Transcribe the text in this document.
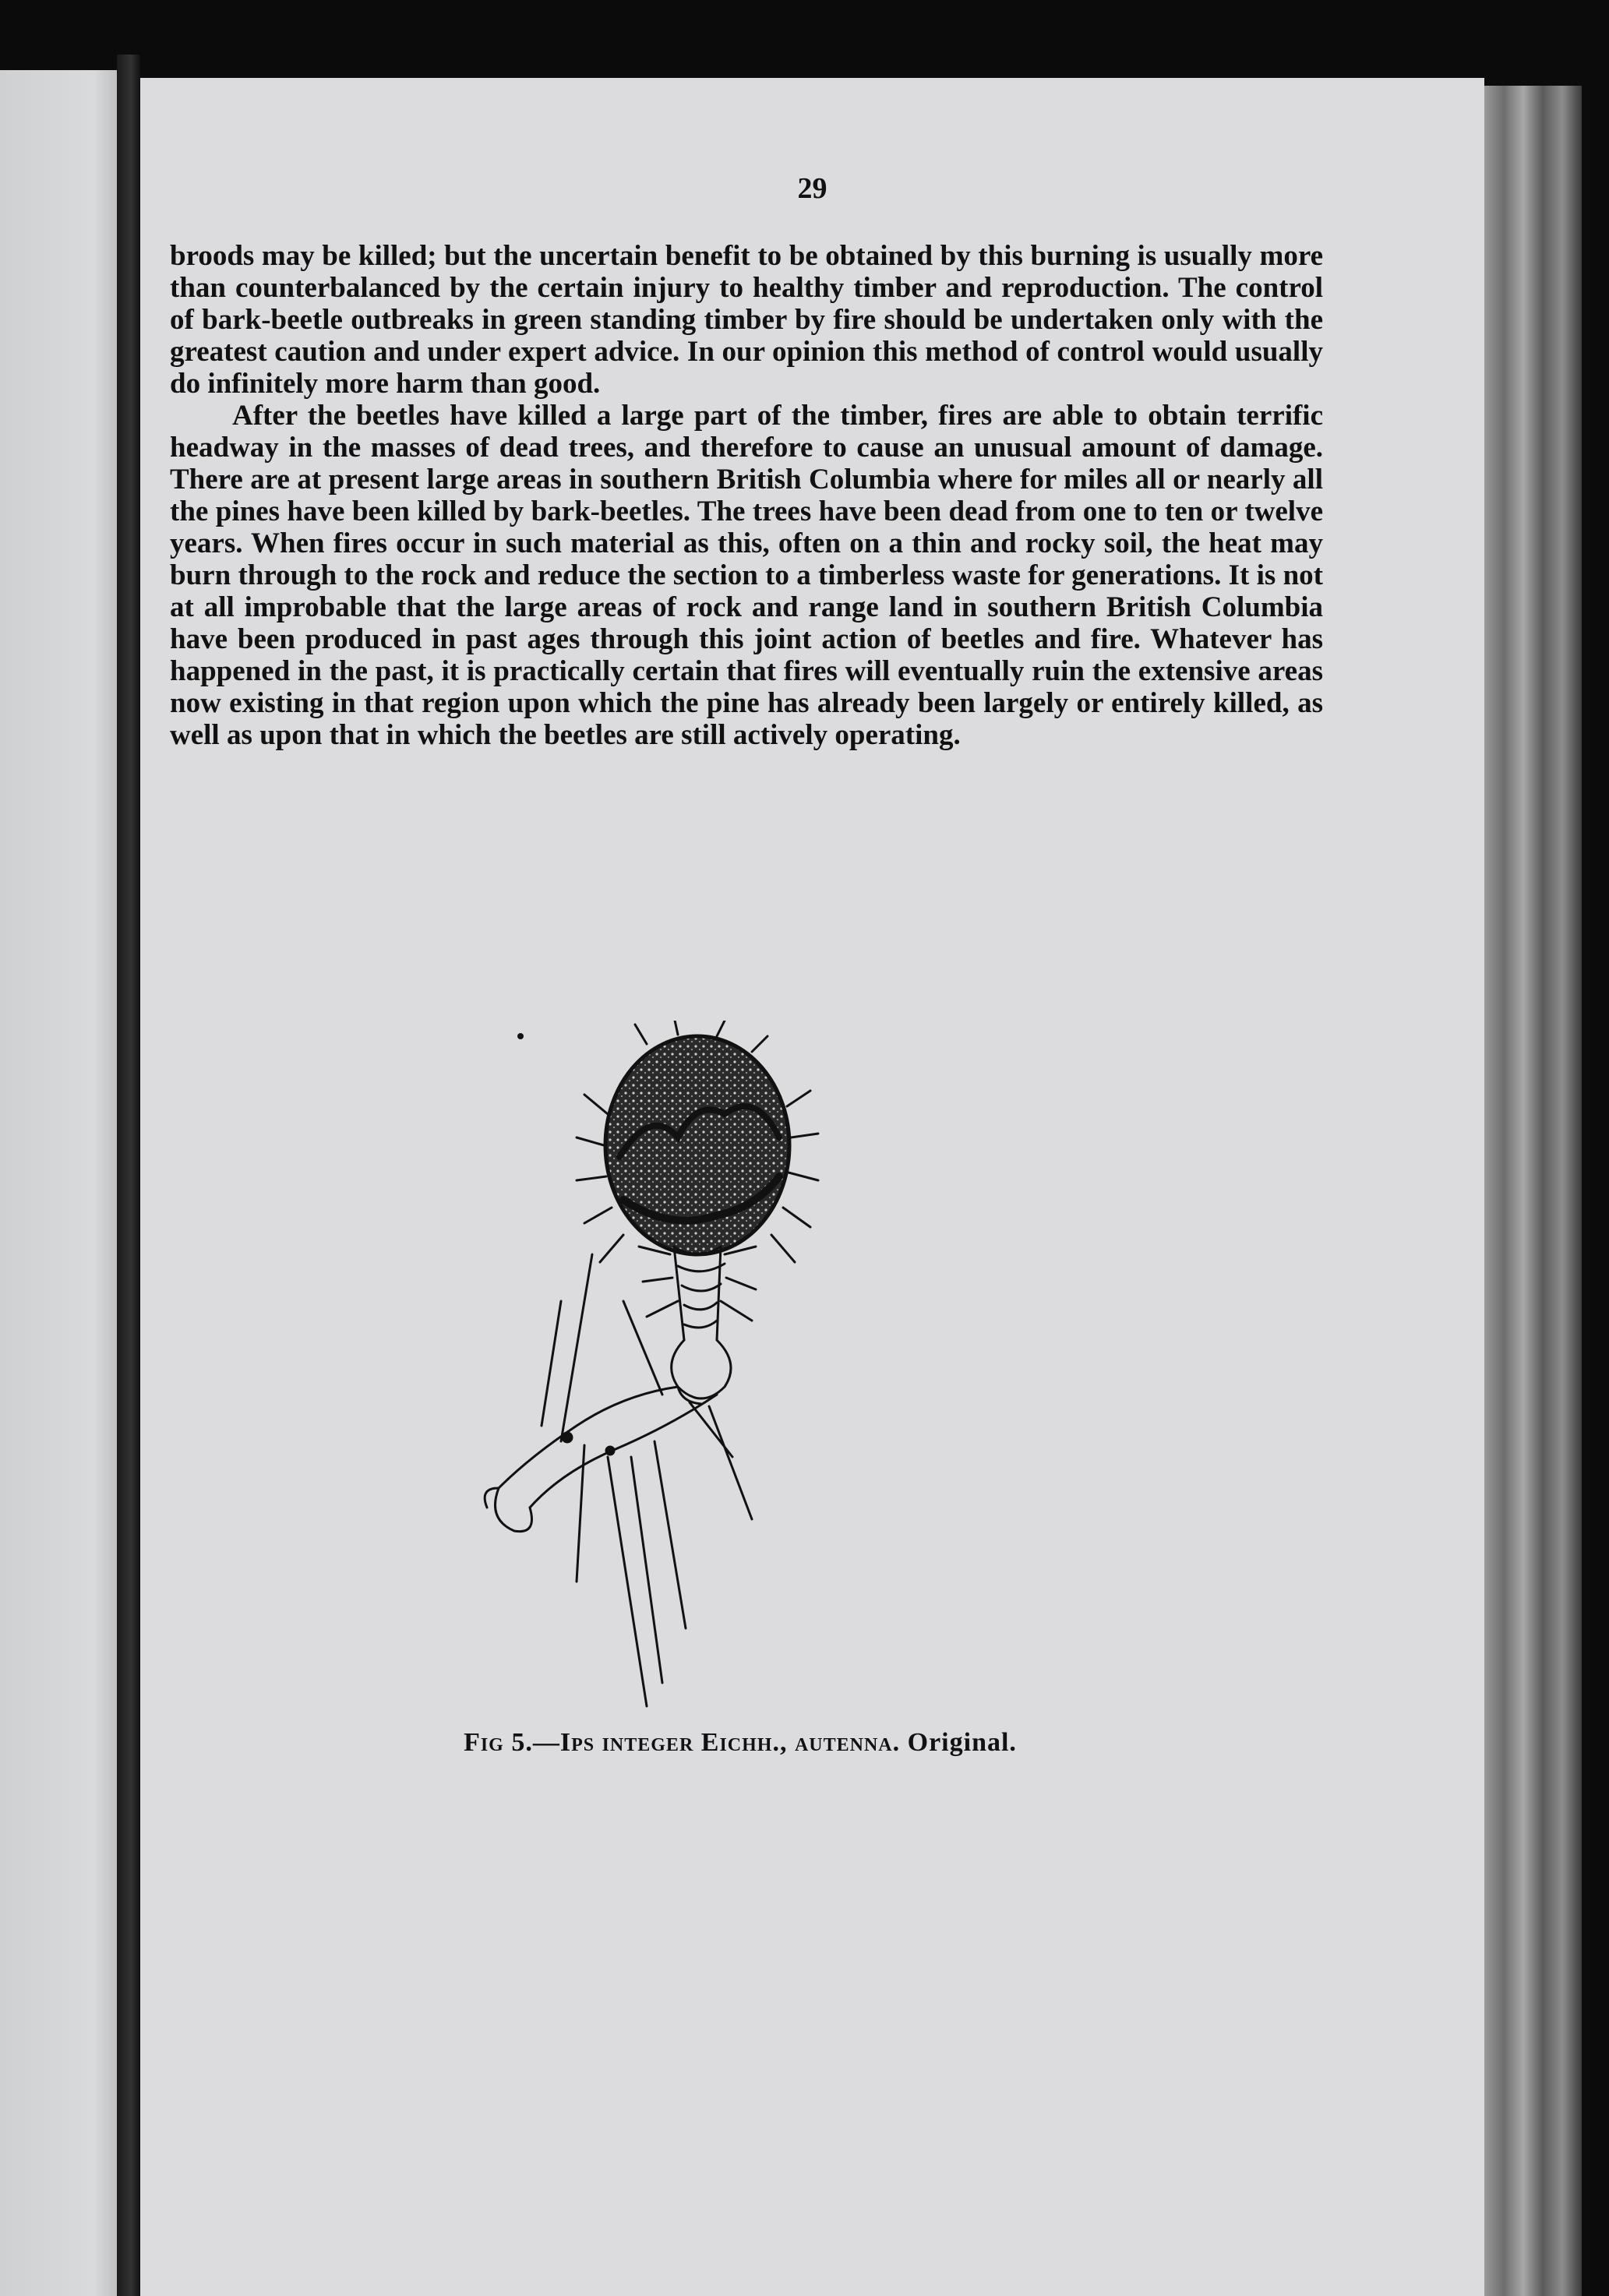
29

broods may be killed; but the uncertain benefit to be obtained by this burning is usually more than counterbalanced by the certain injury to healthy timber and reproduction. The control of bark-beetle outbreaks in green standing timber by fire should be undertaken only with the greatest caution and under expert advice. In our opinion this method of control would usually do infinitely more harm than good.

After the beetles have killed a large part of the timber, fires are able to obtain terrific headway in the masses of dead trees, and therefore to cause an unusual amount of damage. There are at present large areas in southern British Columbia where for miles all or nearly all the pines have been killed by bark-beetles. The trees have been dead from one to ten or twelve years. When fires occur in such material as this, often on a thin and rocky soil, the heat may burn through to the rock and reduce the section to a timberless waste for generations. It is not at all improbable that the large areas of rock and range land in southern British Columbia have been produced in past ages through this joint action of beetles and fire. Whatever has happened in the past, it is practically certain that fires will eventually ruin the extensive areas now existing in that region upon which the pine has already been largely or entirely killed, as well as upon that in which the beetles are still actively operating.

Fig 5.—Ips integer Eichh., autenna. Original.
